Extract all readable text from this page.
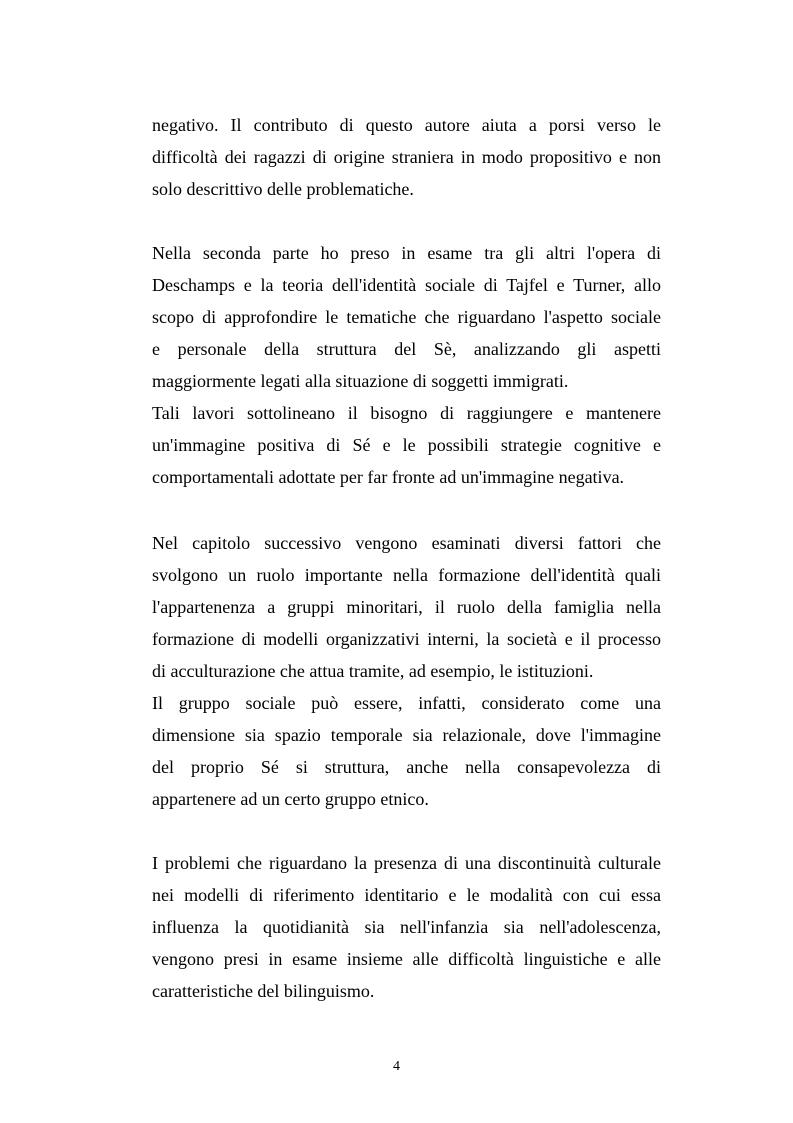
negativo. Il contributo di questo autore aiuta a porsi verso le
difficoltà dei ragazzi di origine straniera in modo propositivo e non
solo descrittivo delle problematiche.
Nella seconda parte ho preso in esame tra gli altri l'opera di
Deschamps e la teoria dell'identità sociale di Tajfel e Turner, allo
scopo di approfondire le tematiche che riguardano l'aspetto sociale
e personale della struttura del Sè, analizzando gli aspetti
maggiormente legati alla situazione di soggetti immigrati.
Tali lavori sottolineano il bisogno di raggiungere e mantenere
un'immagine positiva di Sé e le possibili strategie cognitive e
comportamentali adottate per far fronte ad un'immagine negativa.
Nel capitolo successivo vengono esaminati diversi fattori che
svolgono un ruolo importante nella formazione dell'identità quali
l'appartenenza a gruppi minoritari, il ruolo della famiglia nella
formazione di modelli organizzativi interni, la società e il processo
di acculturazione che attua tramite, ad esempio, le istituzioni.
Il gruppo sociale può essere, infatti, considerato come una
dimensione sia spazio temporale sia relazionale, dove l'immagine
del proprio Sé si struttura, anche nella consapevolezza di
appartenere ad un certo gruppo etnico.
I problemi che riguardano la presenza di una discontinuità culturale
nei modelli di riferimento identitario e le modalità con cui essa
influenza la quotidianità sia nell'infanzia sia nell'adolescenza,
vengono presi in esame insieme alle difficoltà linguistiche e alle
caratteristiche del bilinguismo.
4
